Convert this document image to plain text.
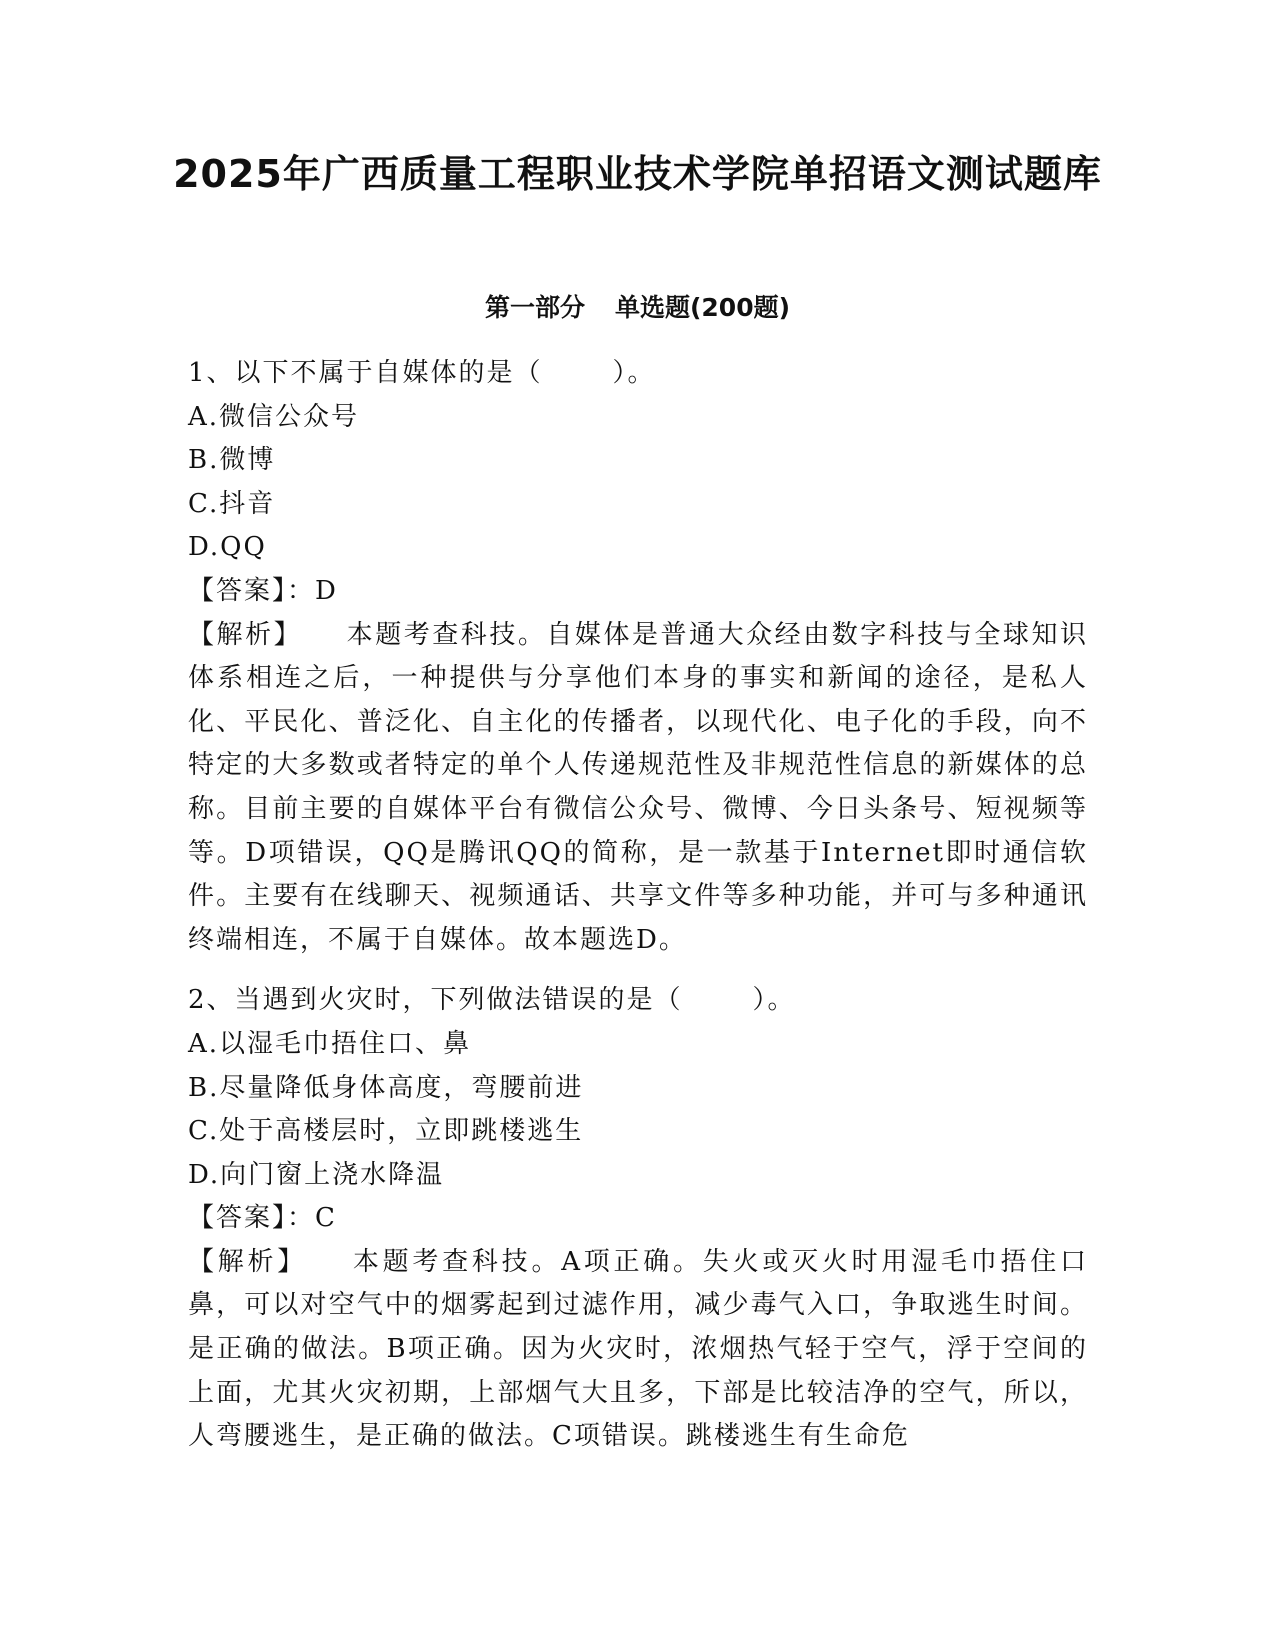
2025年广西质量工程职业技术学院单招语文测试题库
第一部分 单选题(200题)
1、以下不属于自媒体的是（	）。
A.微信公众号
B.微博
C.抖音
D.QQ
【答案】：D
【解析】 本题考查科技。自媒体是普通大众经由数字科技与全球知识体系相连之后，一种提供与分享他们本身的事实和新闻的途径，是私人化、平民化、普泛化、自主化的传播者，以现代化、电子化的手段，向不特定的大多数或者特定的单个人传递规范性及非规范性信息的新媒体的总称。目前主要的自媒体平台有微信公众号、微博、今日头条号、短视频等等。D项错误，QQ是腾讯QQ的简称，是一款基于Internet即时通信软件。主要有在线聊天、视频通话、共享文件等多种功能，并可与多种通讯终端相连，不属于自媒体。故本题选D。
2、当遇到火灾时，下列做法错误的是（	）。
A.以湿毛巾捂住口、鼻
B.尽量降低身体高度，弯腰前进
C.处于高楼层时，立即跳楼逃生
D.向门窗上浇水降温
【答案】：C
【解析】 本题考查科技。A项正确。失火或灭火时用湿毛巾捂住口鼻，可以对空气中的烟雾起到过滤作用，减少毒气入口，争取逃生时间。是正确的做法。B项正确。因为火灾时，浓烟热气轻于空气，浮于空间的上面，尤其火灾初期，上部烟气大且多，下部是比较洁净的空气，所以，人弯腰逃生，是正确的做法。C项错误。跳楼逃生有生命危
